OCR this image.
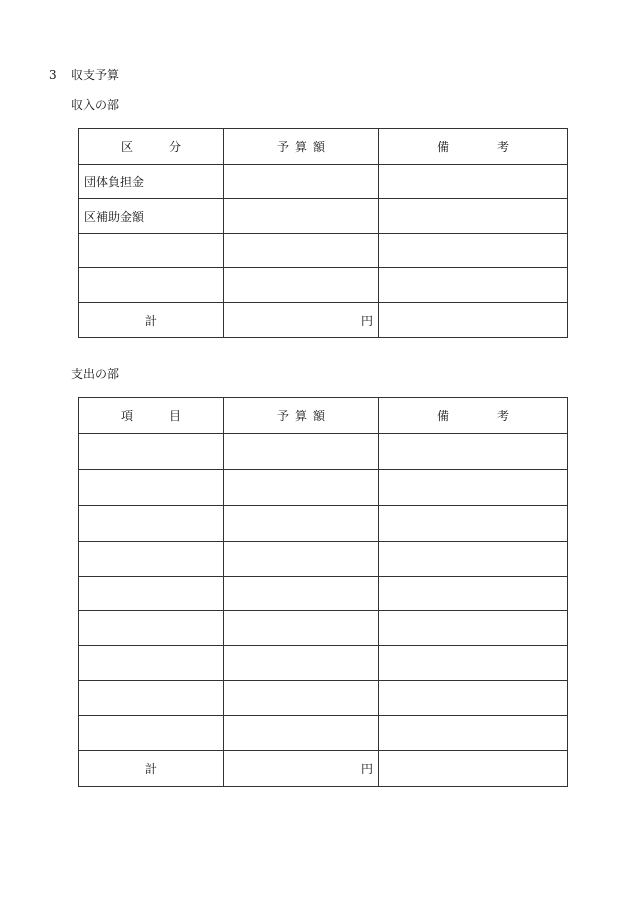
3 収支予算
収入の部
区 分	予 算 額	備 考
団体負担金		
区補助金額		

計	円	
支出の部
項 目	予 算 額	備 考

計	円	
